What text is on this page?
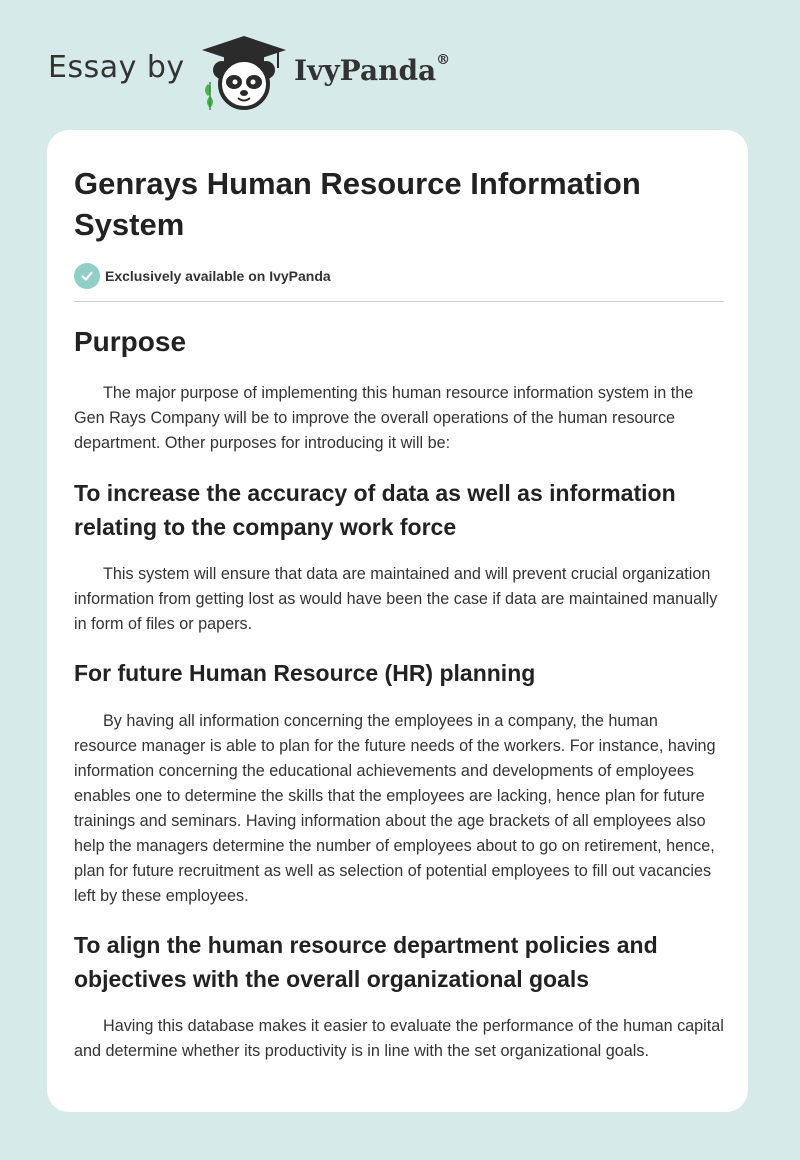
Essay by	IvyPanda®
Genrays Human Resource Information System
Exclusively available on IvyPanda
Purpose

The major purpose of implementing this human resource information system in the Gen Rays Company will be to improve the overall operations of the human resource department. Other purposes for introducing it will be:

To increase the accuracy of data as well as information relating to the company work force

This system will ensure that data are maintained and will prevent crucial organization information from getting lost as would have been the case if data are maintained manually in form of files or papers.

For future Human Resource (HR) planning

By having all information concerning the employees in a company, the human resource manager is able to plan for the future needs of the workers. For instance, having information concerning the educational achievements and developments of employees enables one to determine the skills that the employees are lacking, hence plan for future trainings and seminars. Having information about the age brackets of all employees also help the managers determine the number of employees about to go on retirement, hence, plan for future recruitment as well as selection of potential employees to fill out vacancies left by these employees.

To align the human resource department policies and objectives with the overall organizational goals

Having this database makes it easier to evaluate the performance of the human capital and determine whether its productivity is in line with the set organizational goals.
